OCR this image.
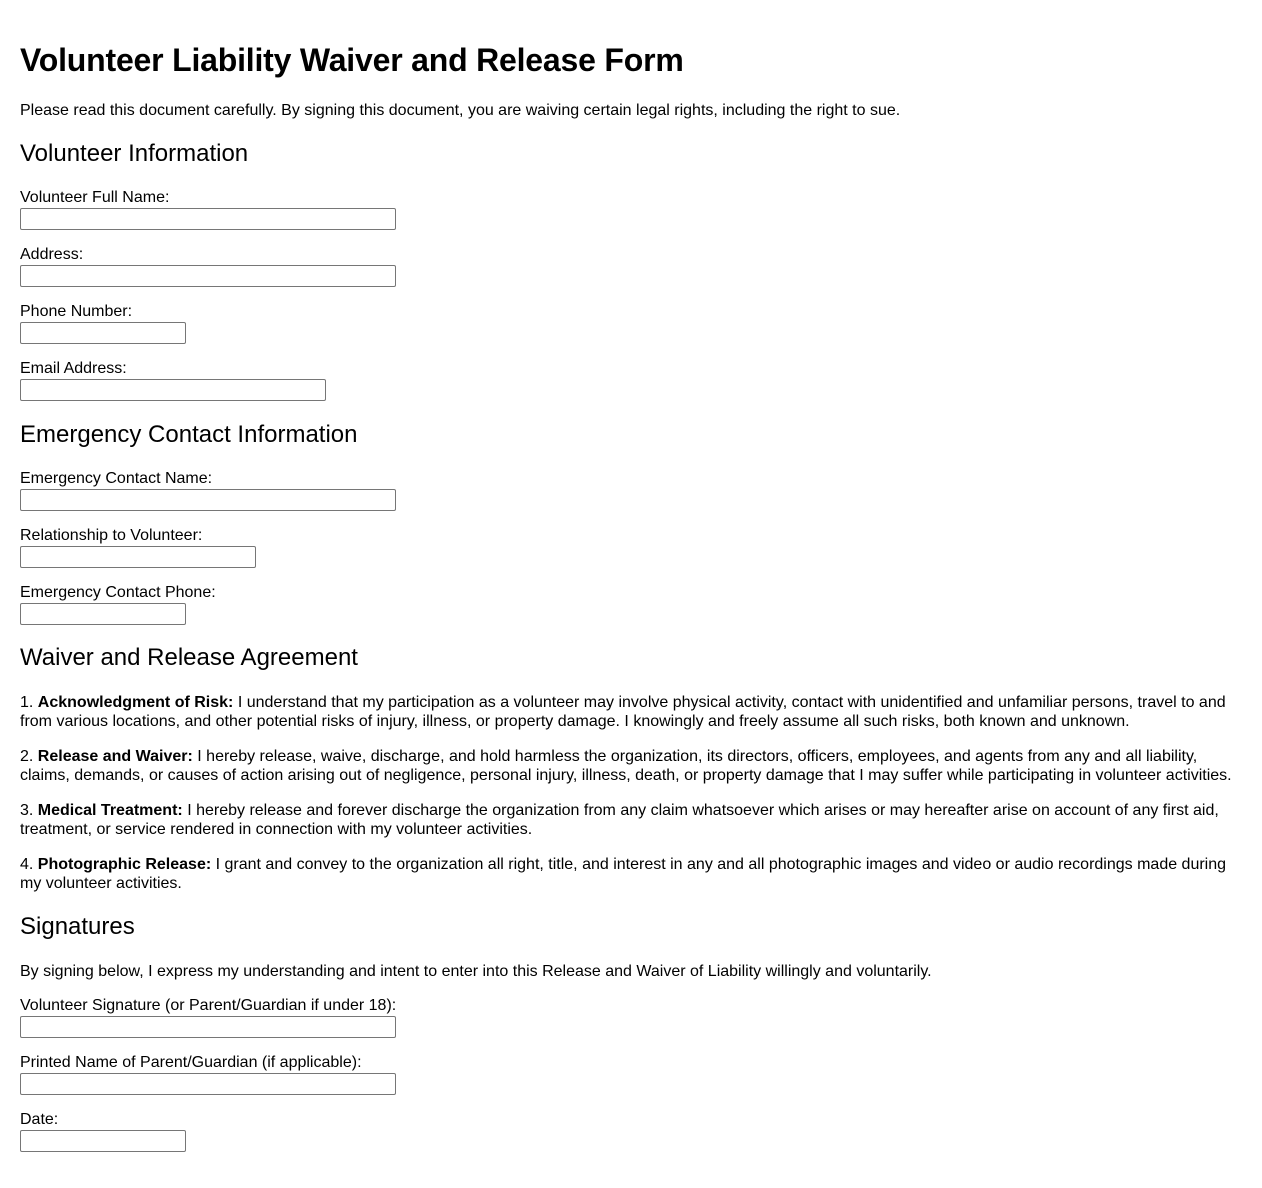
Volunteer Liability Waiver and Release Form

Please read this document carefully. By signing this document, you are waiving certain legal rights, including the right to sue.

Volunteer Information
Volunteer Full Name:
Address:
Phone Number:
Email Address:
Emergency Contact Information
Emergency Contact Name:
Relationship to Volunteer:
Emergency Contact Phone:
Waiver and Release Agreement

1. Acknowledgment of Risk: I understand that my participation as a volunteer may involve physical activity, contact with unidentified and unfamiliar persons, travel to and from various locations, and other potential risks of injury, illness, or property damage. I knowingly and freely assume all such risks, both known and unknown.

2. Release and Waiver: I hereby release, waive, discharge, and hold harmless the organization, its directors, officers, employees, and agents from any and all liability, claims, demands, or causes of action arising out of negligence, personal injury, illness, death, or property damage that I may suffer while participating in volunteer activities.

3. Medical Treatment: I hereby release and forever discharge the organization from any claim whatsoever which arises or may hereafter arise on account of any first aid, treatment, or service rendered in connection with my volunteer activities.

4. Photographic Release: I grant and convey to the organization all right, title, and interest in any and all photographic images and video or audio recordings made during my volunteer activities.

Signatures

By signing below, I express my understanding and intent to enter into this Release and Waiver of Liability willingly and voluntarily.

Volunteer Signature (or Parent/Guardian if under 18):
Printed Name of Parent/Guardian (if applicable):
Date:
